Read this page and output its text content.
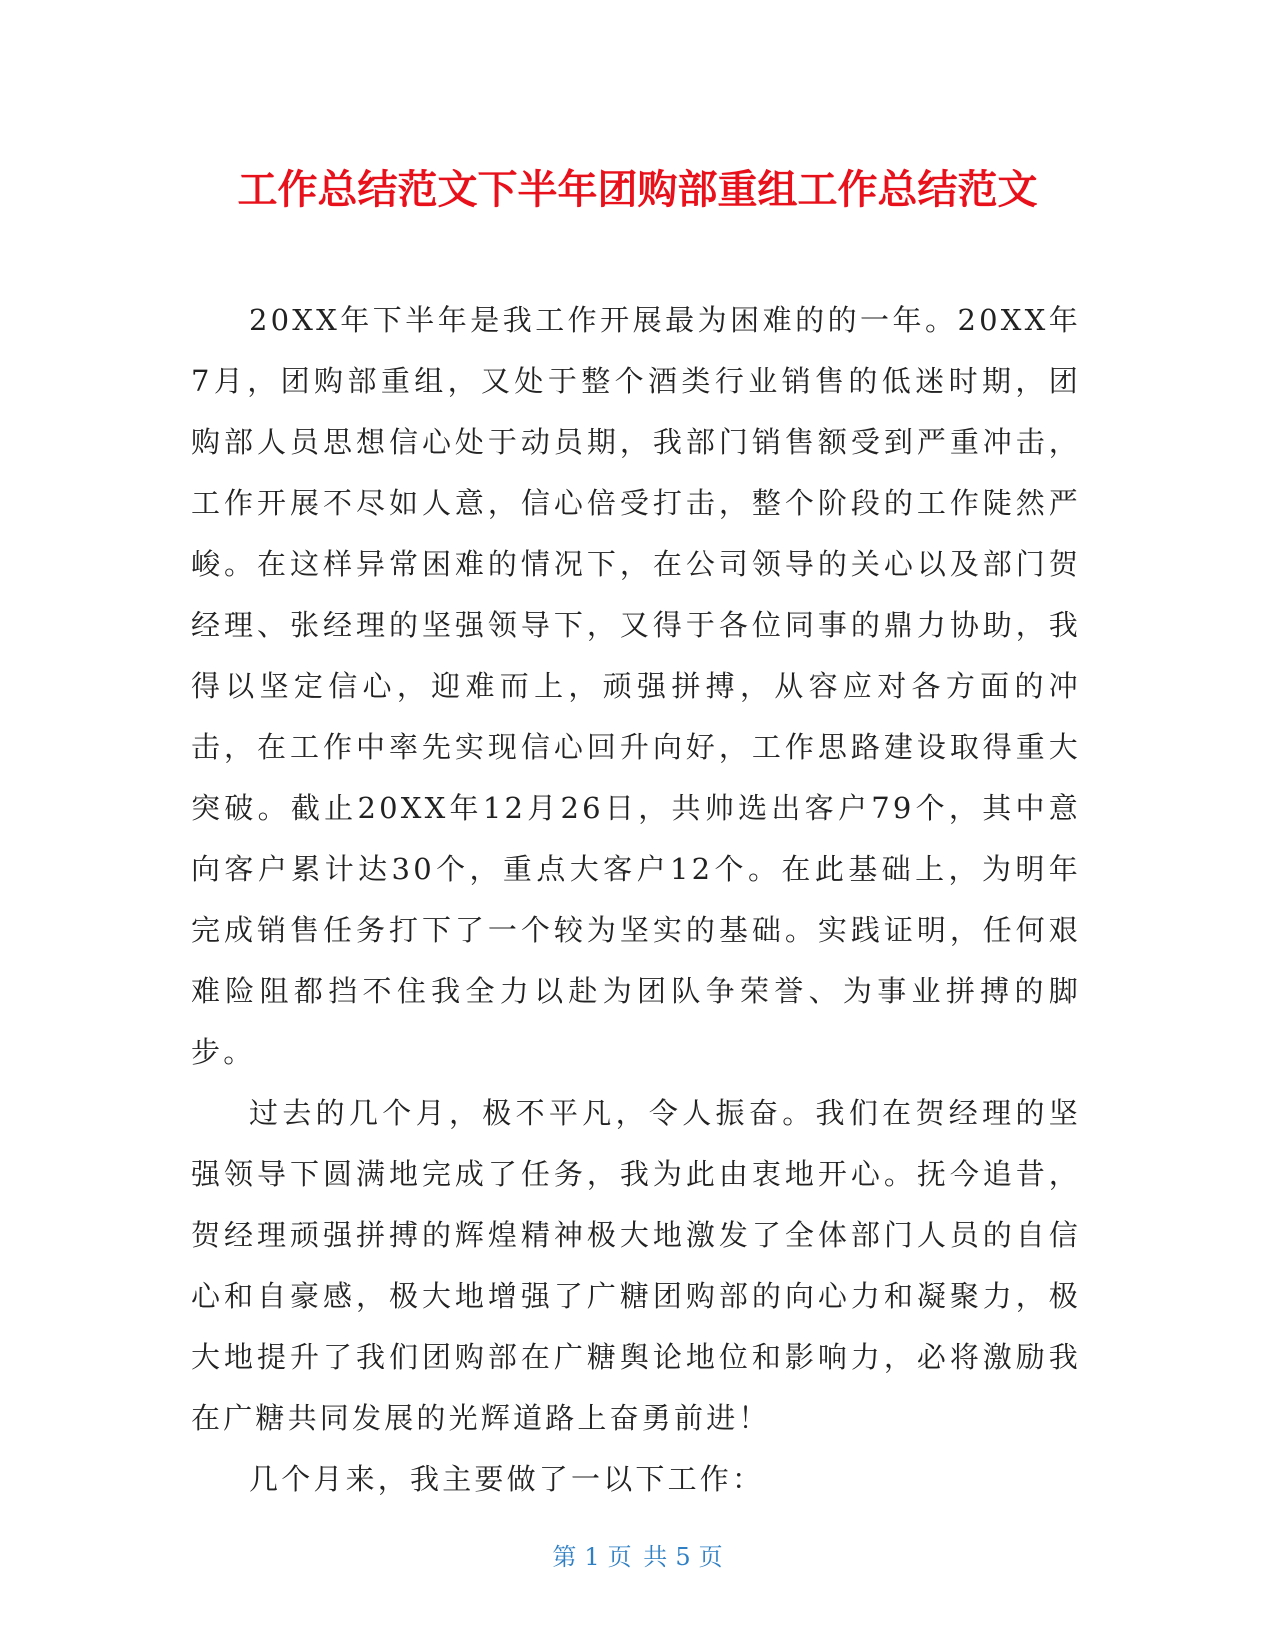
工作总结范文下半年团购部重组工作总结范文

20XX年下半年是我工作开展最为困难的的一年。20XX年7月，团购部重组，又处于整个酒类行业销售的低迷时期，团购部人员思想信心处于动员期，我部门销售额受到严重冲击，工作开展不尽如人意，信心倍受打击，整个阶段的工作陡然严峻。在这样异常困难的情况下，在公司领导的关心以及部门贺经理、张经理的坚强领导下，又得于各位同事的鼎力协助，我得以坚定信心，迎难而上，顽强拼搏，从容应对各方面的冲击，在工作中率先实现信心回升向好，工作思路建设取得重大突破。截止20XX年12月26日，共帅选出客户79个，其中意向客户累计达30个，重点大客户12个。在此基础上，为明年完成销售任务打下了一个较为坚实的基础。实践证明，任何艰难险阻都挡不住我全力以赴为团队争荣誉、为事业拼搏的脚步。

过去的几个月，极不平凡，令人振奋。我们在贺经理的坚强领导下圆满地完成了任务，我为此由衷地开心。抚今追昔，贺经理顽强拼搏的辉煌精神极大地激发了全体部门人员的自信心和自豪感，极大地增强了广糖团购部的向心力和凝聚力，极大地提升了我们团购部在广糖舆论地位和影响力，必将激励我在广糖共同发展的光辉道路上奋勇前进！

几个月来，我主要做了一以下工作：

第 1 页 共 5 页
